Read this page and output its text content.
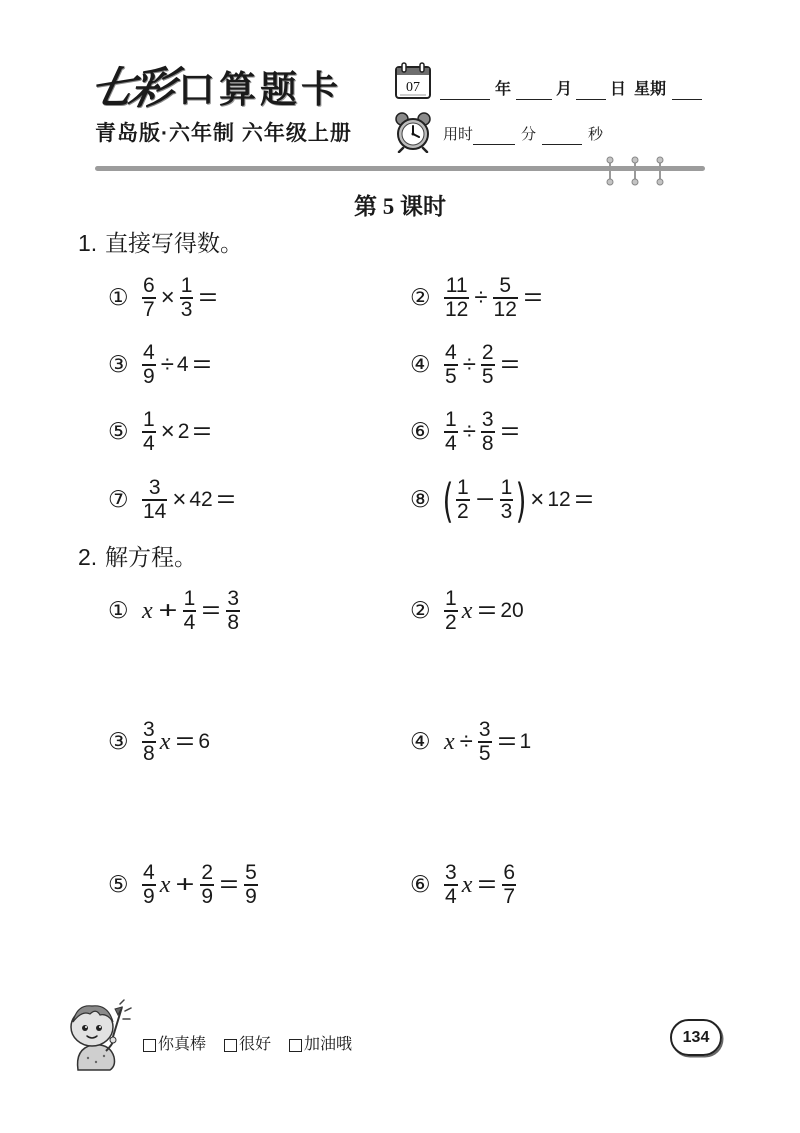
七彩 口算题卡
青岛版·六年制 六年级上册
07	年	月 日 星期
用时	分	秒
第 5 课时
1. 直接写得数。
① $\frac{6}{7} \times \frac{1}{3}$ =	② $\frac{11}{12} \div \frac{5}{12}$ =
③ $\frac{4}{9} \div 4$ =	④ $\frac{4}{5} \div \frac{2}{5}$ =
⑤ $\frac{1}{4} \times 2$ =	⑥ $\frac{1}{4} \div \frac{3}{8}$ =
⑦ $\frac{3}{14} \times 42$ =	⑧ ( $\frac{1}{2} - \frac{1}{3}$ ) × 12 =
2. 解方程。
① $x + \frac{1}{4} = \frac{3}{8}$	② $\frac{1}{2}$ x = 20
③ $\frac{3}{8}$ x = 6	④ $x \div \frac{3}{5} = 1$
⑤ $\frac{4}{9}$ $x + \frac{2}{9} = \frac{5}{9}$	⑥ $\frac{3}{4}$ $x = \frac{6}{7}$
你真棒 很好 加油哦	134
